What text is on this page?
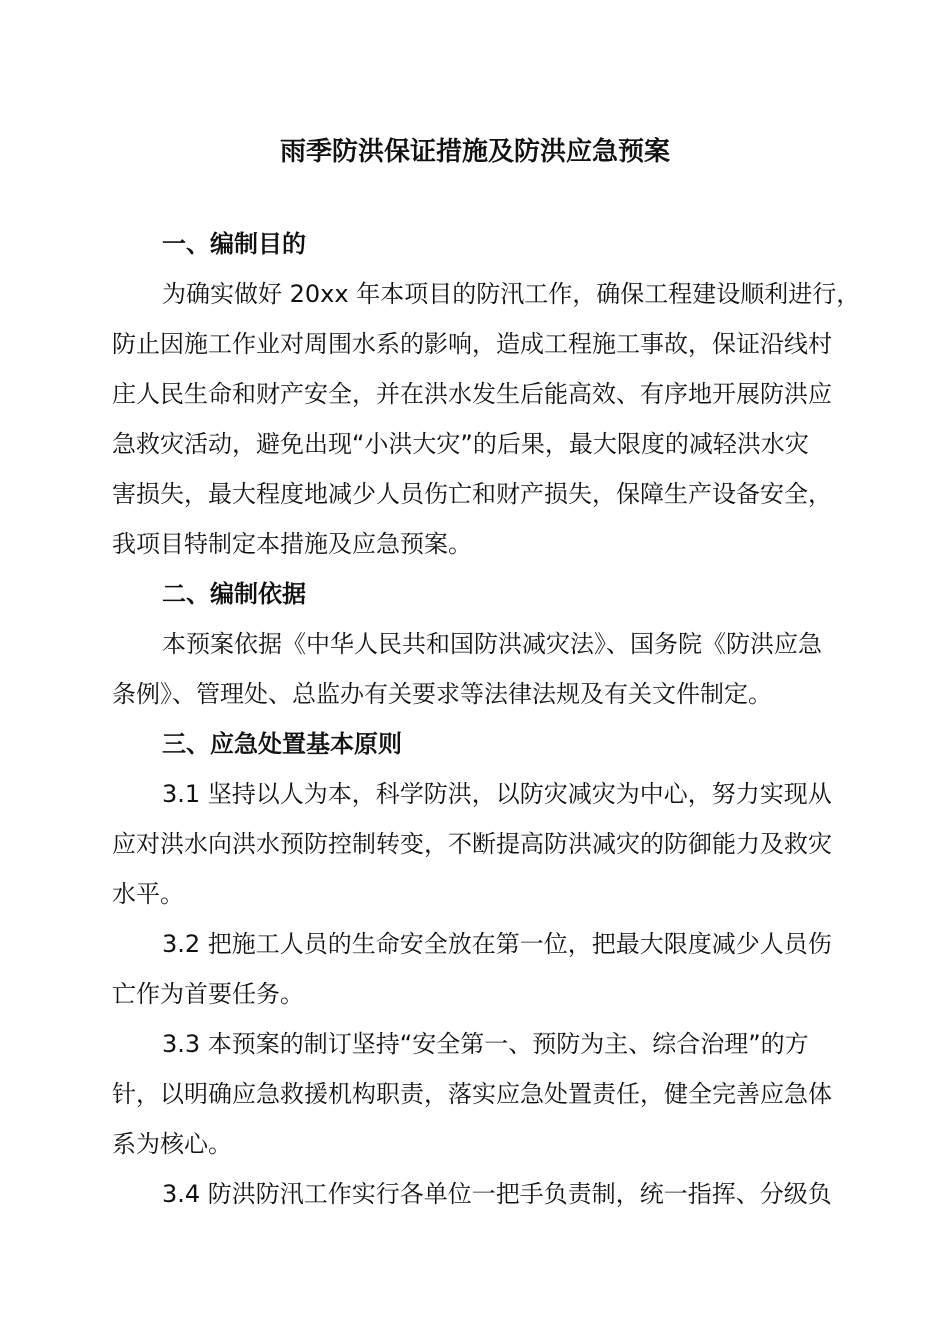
雨季防洪保证措施及防洪应急预案
一、编制目的
为确实做好 20xx 年本项目的防汛工作，确保工程建设顺利进行，
防止因施工作业对周围水系的影响，造成工程施工事故，保证沿线村
庄人民生命和财产安全，并在洪水发生后能高效、有序地开展防洪应
急救灾活动，避免出现“小洪大灾”的后果，最大限度的减轻洪水灾
害损失，最大程度地减少人员伤亡和财产损失，保障生产设备安全，
我项目特制定本措施及应急预案。
二、编制依据
本预案依据《中华人民共和国防洪减灾法》、国务院《防洪应急
条例》、管理处、总监办有关要求等法律法规及有关文件制定。
三、应急处置基本原则
3.1 坚持以人为本，科学防洪，以防灾减灾为中心，努力实现从
应对洪水向洪水预防控制转变，不断提高防洪减灾的防御能力及救灾
水平。
3.2 把施工人员的生命安全放在第一位，把最大限度减少人员伤
亡作为首要任务。
3.3 本预案的制订坚持“安全第一、预防为主、综合治理”的方
针，以明确应急救援机构职责，落实应急处置责任，健全完善应急体
系为核心。
3.4 防洪防汛工作实行各单位一把手负责制，统一指挥、分级负
